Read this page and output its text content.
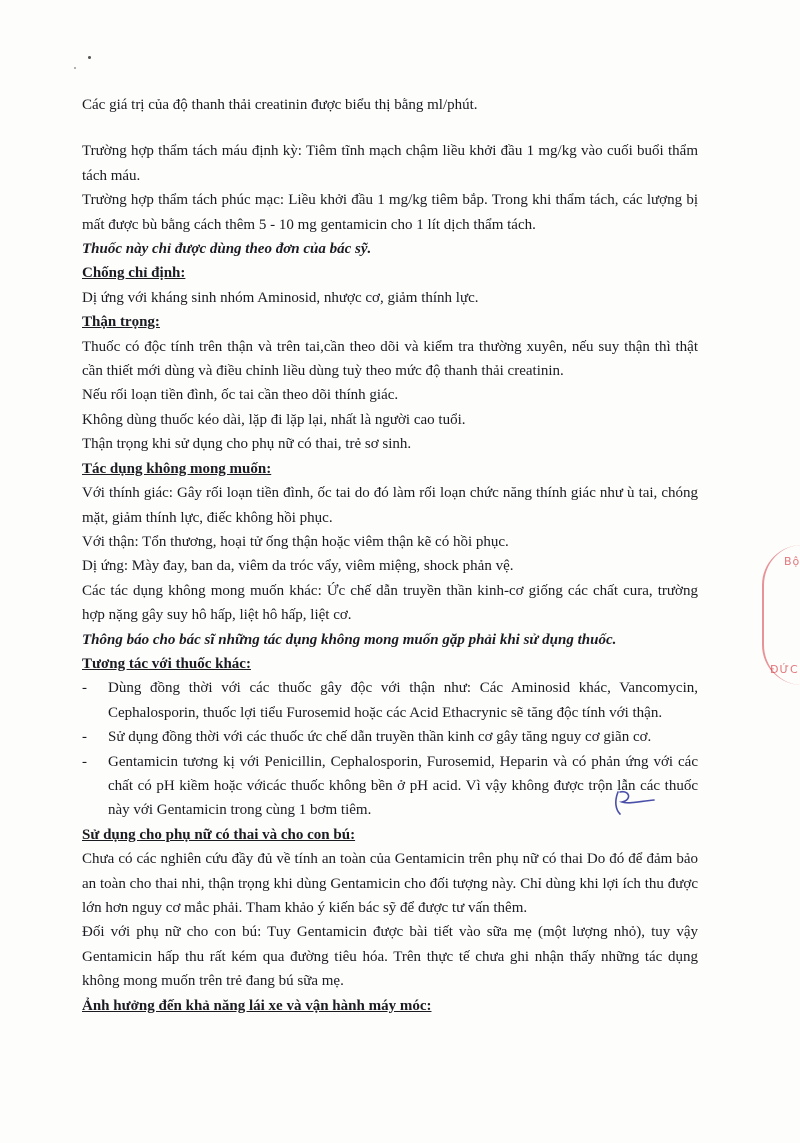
Các giá trị của độ thanh thải creatinin được biểu thị bằng ml/phút.

Trường hợp thẩm tách máu định kỳ: Tiêm tĩnh mạch chậm liều khởi đầu 1 mg/kg vào cuối buổi thẩm tách máu.

Trường hợp thẩm tách phúc mạc: Liều khởi đầu 1 mg/kg tiêm bắp. Trong khi thẩm tách, các lượng bị mất được bù bằng cách thêm 5 - 10 mg gentamicin cho 1 lít dịch thẩm tách.

Thuốc này chỉ được dùng theo đơn của bác sỹ.

Chống chỉ định:

Dị ứng với kháng sinh nhóm Aminosid, nhược cơ, giảm thính lực.

Thận trọng:

Thuốc có độc tính trên thận và trên tai,cần theo dõi và kiểm tra thường xuyên, nếu suy thận thì thật cần thiết mới dùng và điều chỉnh liều dùng tuỳ theo mức độ thanh thải creatinin.

Nếu rối loạn tiền đình, ốc tai cần theo dõi thính giác.

Không dùng thuốc kéo dài, lặp đi lặp lại, nhất là người cao tuổi.

Thận trọng khi sử dụng cho phụ nữ có thai, trẻ sơ sinh.

Tác dụng không mong muốn:

Với thính giác: Gây rối loạn tiền đình, ốc tai do đó làm rối loạn chức năng thính giác như ù tai, chóng mặt, giảm thính lực, điếc không hồi phục.

Với thận: Tổn thương, hoại tử ống thận hoặc viêm thận kẽ có hồi phục.

Dị ứng: Mày đay, ban da, viêm da tróc vẩy, viêm miệng, shock phản vệ.

Các tác dụng không mong muốn khác: Ức chế dẫn truyền thần kinh-cơ giống các chất cura, trường hợp nặng gây suy hô hấp, liệt hô hấp, liệt cơ.

Thông báo cho bác sĩ những tác dụng không mong muốn gặp phải khi sử dụng thuốc.

Tương tác với thuốc khác:

- Dùng đồng thời với các thuốc gây độc với thận như: Các Aminosid khác, Vancomycin, Cephalosporin, thuốc lợi tiểu Furosemid hoặc các Acid Ethacrynic sẽ tăng độc tính với thận.
- Sử dụng đồng thời với các thuốc ức chế dẫn truyền thần kinh cơ gây tăng nguy cơ giãn cơ.
- Gentamicin tương kị với Penicillin, Cephalosporin, Furosemid, Heparin và có phản ứng với các chất có pH kiềm hoặc vớicác thuốc không bền ở pH acid. Vì vậy không được trộn lẫn các thuốc này với Gentamicin trong cùng 1 bơm tiêm.

Sử dụng cho phụ nữ có thai và cho con bú:

Chưa có các nghiên cứu đầy đủ về tính an toàn của Gentamicin trên phụ nữ có thai Do đó để đảm bảo an toàn cho thai nhi, thận trọng khi dùng Gentamicin cho đối tượng này. Chỉ dùng khi lợi ích thu được lớn hơn nguy cơ mắc phải. Tham khảo ý kiến bác sỹ để được tư vấn thêm.

Đối với phụ nữ cho con bú: Tuy Gentamicin được bài tiết vào sữa mẹ (một lượng nhỏ), tuy vậy Gentamicin hấp thu rất kém qua đường tiêu hóa. Trên thực tế chưa ghi nhận thấy những tác dụng không mong muốn trên trẻ đang bú sữa mẹ.

Ảnh hưởng đến khả năng lái xe và vận hành máy móc:

Bộ
ĐỨC
